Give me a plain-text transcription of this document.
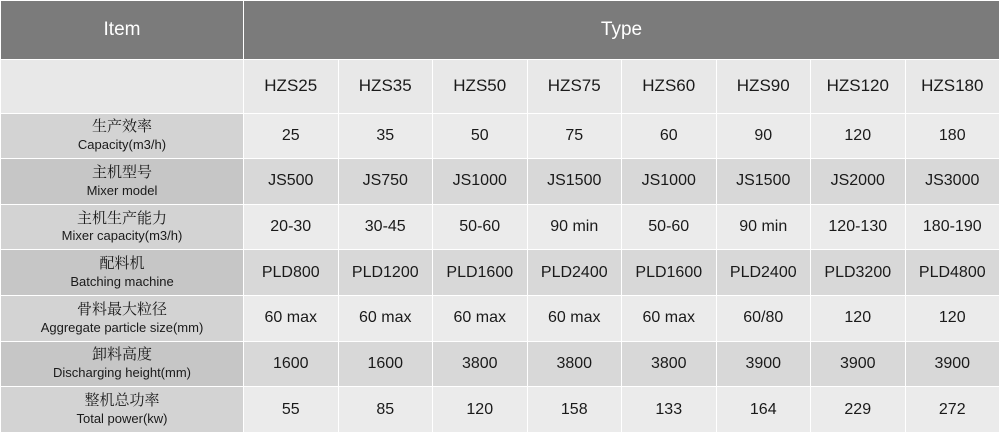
Item	Type							
	HZS25	HZS35	HZS50	HZS75	HZS60	HZS90	HZS120	HZS180

生产效率
Capacity(m3/h)	25	35	50	75	60	90	120	180

主机型号
Mixer model	JS500	JS750	JS1000	JS1500	JS1000	JS1500	JS2000	JS3000

主机生产能力
Mixer capacity(m3/h)	20-30	30-45	50-60	90 min	50-60	90 min	120-130	180-190

配料机
Batching machine	PLD800	PLD1200	PLD1600	PLD2400	PLD1600	PLD2400	PLD3200	PLD4800

骨料最大粒径
Aggregate particle size(mm)	60 max	60 max	60 max	60 max	60 max	60/80	120	120

卸料高度
Discharging height(mm)	1600	1600	3800	3800	3800	3900	3900	3900

整机总功率
Total power(kw)	55	85	120	158	133	164	229	272
